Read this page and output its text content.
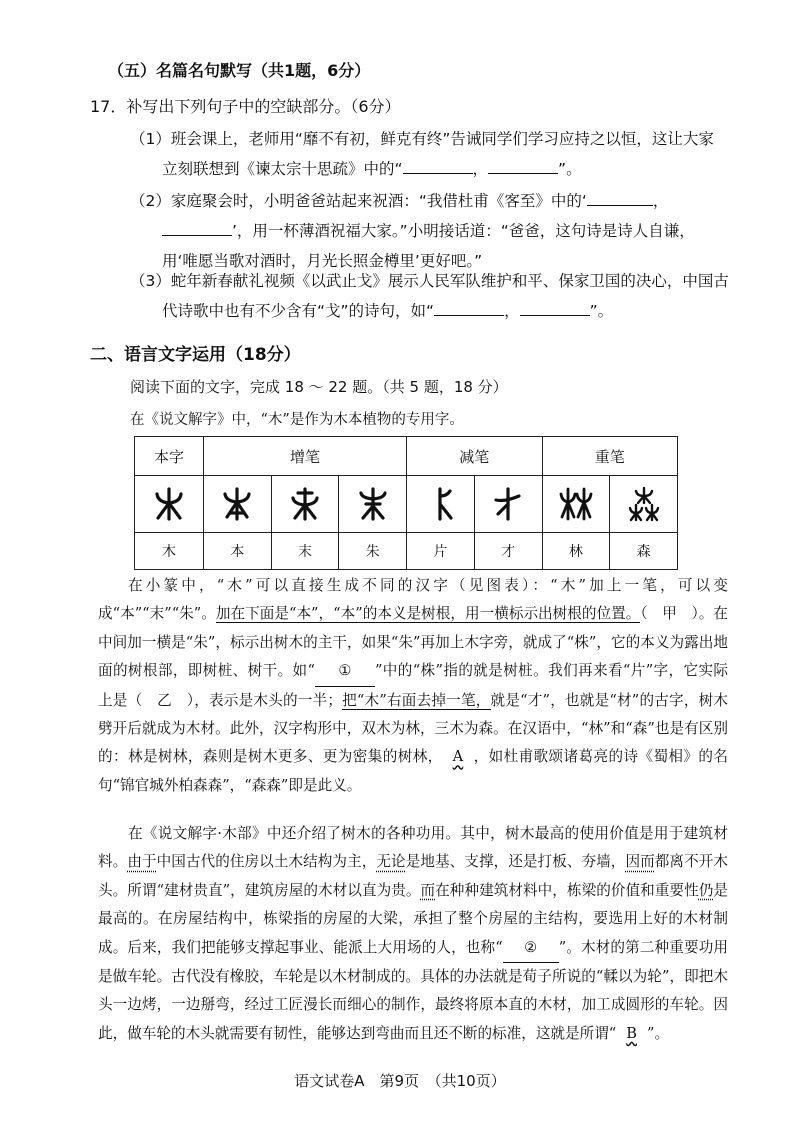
（五）名篇名句默写（共1题，6分）
17．补写出下列句子中的空缺部分。（6分）
（1）班会课上，老师用“靡不有初，鲜克有终”告诫同学们学习应持之以恒，这让大家
立刻联想到《谏太宗十思疏》中的“	，	”。
（2）家庭聚会时，小明爸爸站起来祝酒：“我借杜甫《客至》中的‘	，
’，用一杯薄酒祝福大家。”小明接话道：“爸爸，这句诗是诗人自谦，
用‘唯愿当歌对酒时，月光长照金樽里’更好吧。”
（3）蛇年新春献礼视频《以武止戈》展示人民军队维护和平、保家卫国的决心，中国古
代诗歌中也有不少含有“戈”的诗句，如“	，	”。
二、语言文字运用（18分）
阅读下面的文字，完成 18 ～ 22 题。（共 5 题，18 分）
在《说文解字》中，“木”是作为木本植物的专用字。
本字	增笔			减笔		重笔	

木	本	末	朱	片	才	林	森
在小篆中，“木”可以直接生成不同的汉字（见图表）：“木”加上一笔，可以变成“本”“末”“朱”。加在下面是“本”，“本”的本义是树根，用一横标示出树根的位置。（　甲　）。在中间加一横是“朱”，标示出树木的主干，如果“朱”再加上木字旁，就成了“株”，它的本义为露出地面的树根部，即树桩、树干。如“ ① ”中的“株”指的就是树桩。我们再来看“片”字，它实际上是（　乙　），表示是木头的一半；把“木”右面去掉一笔，就是“才”，也就是“材”的古字，树木劈开后就成为木材。此外，汉字构形中，双木为林，三木为森。在汉语中，“林”和“森”也是有区别的：林是树林，森则是树木更多、更为密集的树林， A ，如杜甫歌颂诸葛亮的诗《蜀相》的名句“锦官城外柏森森”，“森森”即是此义。
在《说文解字·木部》中还介绍了树木的各种功用。其中，树木最高的使用价值是用于建筑材料。由于中国古代的住房以土木结构为主，无论是地基、支撑，还是打板、夯墙，因而都离不开木头。所谓“建材贵直”，建筑房屋的木材以直为贵。而在种种建筑材料中，栋梁的价值和重要性仍是最高的。在房屋结构中，栋梁指的房屋的大梁，承担了整个房屋的主结构，要选用上好的木材制成。后来，我们把能够支撑起事业、能派上大用场的人，也称“ ② ”。木材的第二种重要功用是做车轮。古代没有橡胶，车轮是以木材制成的。具体的办法就是荀子所说的“輮以为轮”，即把木头一边烤，一边掰弯，经过工匠漫长而细心的制作，最终将原本直的木材，加工成圆形的车轮。因此，做车轮的木头就需要有韧性，能够达到弯曲而且还不断的标准，这就是所谓“ B ”。
语文试卷A　第9页　（共10页）
